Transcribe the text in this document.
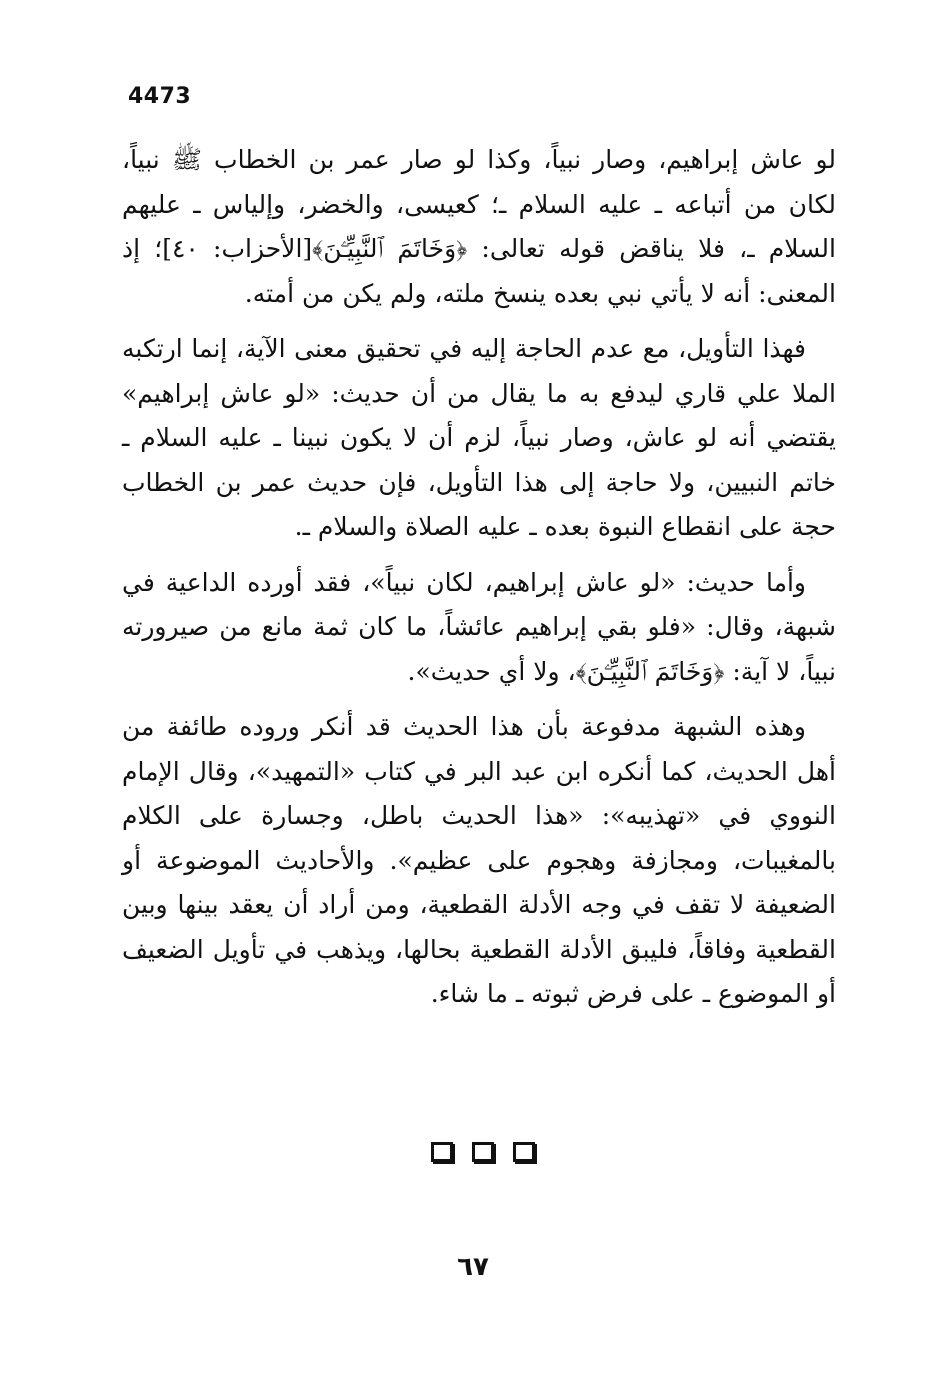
4473

لو عاش إبراهيم، وصار نبياً، وكذا لو صار عمر بن الخطاب ﷺ نبياً، لكان من أتباعه ـ عليه السلام ـ؛ كعيسى، والخضر، وإلياس ـ عليهم السلام ـ، فلا يناقض قوله تعالى: ﴿وَخَاتَمَ ٱلنَّبِيِّـۧنَ﴾[الأحزاب: ٤٠]؛ إذ المعنى: أنه لا يأتي نبي بعده ينسخ ملته، ولم يكن من أمته.

فهذا التأويل، مع عدم الحاجة إليه في تحقيق معنى الآية، إنما ارتكبه الملا علي قاري ليدفع به ما يقال من أن حديث: «لو عاش إبراهيم» يقتضي أنه لو عاش، وصار نبياً، لزم أن لا يكون نبينا ـ عليه السلام ـ خاتم النبيين، ولا حاجة إلى هذا التأويل، فإن حديث عمر بن الخطاب حجة على انقطاع النبوة بعده ـ عليه الصلاة والسلام ـ.

وأما حديث: «لو عاش إبراهيم، لكان نبياً»، فقد أورده الداعية في شبهة، وقال: «فلو بقي إبراهيم عائشاً، ما كان ثمة مانع من صيرورته نبياً، لا آية: ﴿وَخَاتَمَ ٱلنَّبِيِّـۧنَ﴾، ولا أي حديث».

وهذه الشبهة مدفوعة بأن هذا الحديث قد أنكر وروده طائفة من أهل الحديث، كما أنكره ابن عبد البر في كتاب «التمهيد»، وقال الإمام النووي في «تهذيبه»: «هذا الحديث باطل، وجسارة على الكلام بالمغيبات، ومجازفة وهجوم على عظيم». والأحاديث الموضوعة أو الضعيفة لا تقف في وجه الأدلة القطعية، ومن أراد أن يعقد بينها وبين القطعية وفاقاً، فليبق الأدلة القطعية بحالها، ويذهب في تأويل الضعيف أو الموضوع ـ على فرض ثبوته ـ ما شاء.

٦٧
